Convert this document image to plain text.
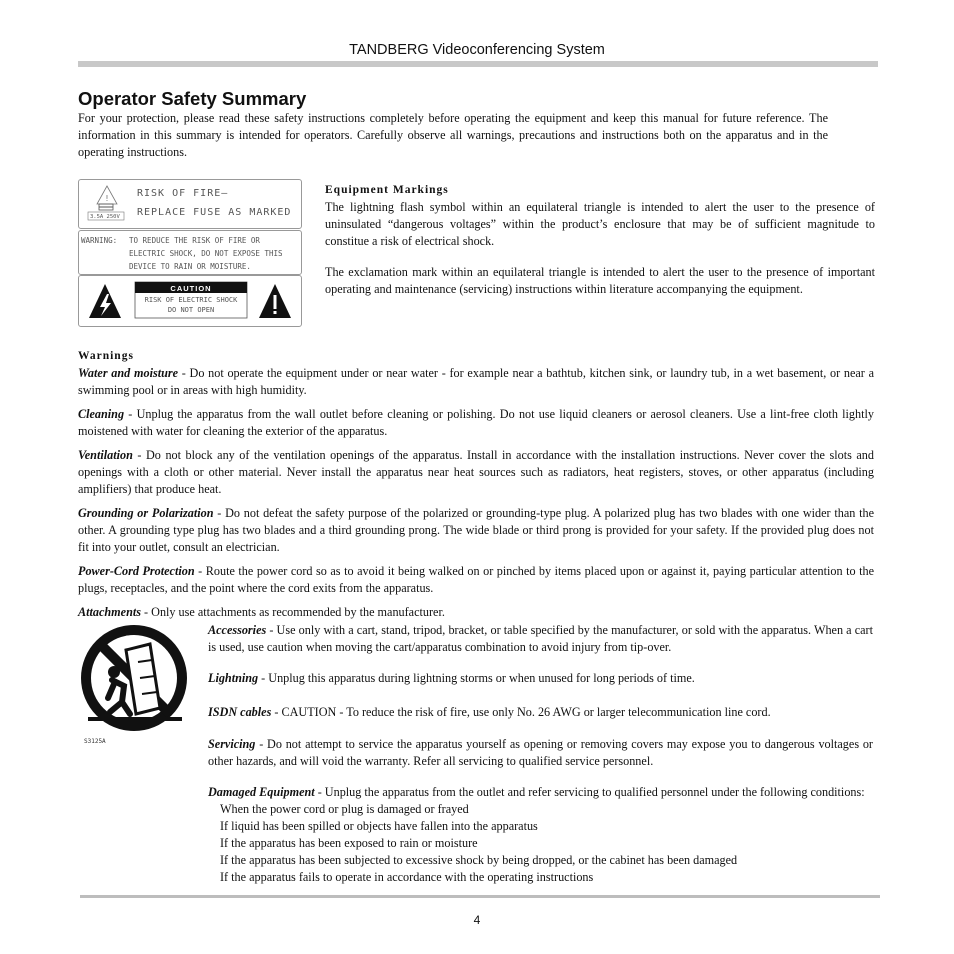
TANDBERG Videoconferencing System
Operator Safety Summary
For your protection, please read these safety instructions completely before operating the equipment and keep this manual for future reference. The information in this summary is intended for operators. Carefully observe all warnings, precautions and instructions both on the apparatus and in the operating instructions.
!
3.5A 250V
RISK OF FIRE—
REPLACE FUSE AS MARKED
WARNING: TO REDUCE THE RISK OF FIRE OR
ELECTRIC SHOCK, DO NOT EXPOSE THIS
DEVICE TO RAIN OR MOISTURE.
CAUTION
RISK OF ELECTRIC SHOCK
DO NOT OPEN
Equipment Markings
The lightning flash symbol within an equilateral triangle is intended to alert the user to the presence of uninsulated “dangerous voltages” within the product’s enclosure that may be of sufficient magnitude to constitue a risk of electrical shock.
The exclamation mark within an equilateral triangle is intended to alert the user to the presence of important operating and maintenance (servicing) instructions within literature accompanying the equipment.
Warnings
Water and moisture - Do not operate the equipment under or near water - for example near a bathtub, kitchen sink, or laundry tub, in a wet basement, or near a swimming pool or in areas with high humidity.
Cleaning - Unplug the apparatus from the wall outlet before cleaning or polishing. Do not use liquid cleaners or aerosol cleaners. Use a lint-free cloth lightly moistened with water for cleaning the exterior of the apparatus.
Ventilation - Do not block any of the ventilation openings of the apparatus. Install in accordance with the installation instructions. Never cover the slots and openings with a cloth or other material. Never install the apparatus near heat sources such as radiators, heat registers, stoves, or other apparatus (including amplifiers) that produce heat.
Grounding or Polarization - Do not defeat the safety purpose of the polarized or grounding-type plug. A polarized plug has two blades with one wider than the other. A grounding type plug has two blades and a third grounding prong. The wide blade or third prong is provided for your safety. If the provided plug does not fit into your outlet, consult an electrician.
Power-Cord Protection - Route the power cord so as to avoid it being walked on or pinched by items placed upon or against it, paying particular attention to the plugs, receptacles, and the point where the cord exits from the apparatus.
Attachments - Only use attachments as recommended by the manufacturer.
S3125A
Accessories - Use only with a cart, stand, tripod, bracket, or table specified by the manufacturer, or sold with the apparatus. When a cart is used, use caution when moving the cart/apparatus combination to avoid injury from tip-over.
Lightning - Unplug this apparatus during lightning storms or when unused for long periods of time.
ISDN cables - CAUTION - To reduce the risk of fire, use only No. 26 AWG or larger telecommunication line cord.
Servicing - Do not attempt to service the apparatus yourself as opening or removing covers may expose you to dangerous voltages or other hazards, and will void the warranty. Refer all servicing to qualified service personnel.
Damaged Equipment - Unplug the apparatus from the outlet and refer servicing to qualified personnel under the following conditions:
When the power cord or plug is damaged or frayed
If liquid has been spilled or objects have fallen into the apparatus
If the apparatus has been exposed to rain or moisture
If the apparatus has been subjected to excessive shock by being dropped, or the cabinet has been damaged
If the apparatus fails to operate in accordance with the operating instructions
4
